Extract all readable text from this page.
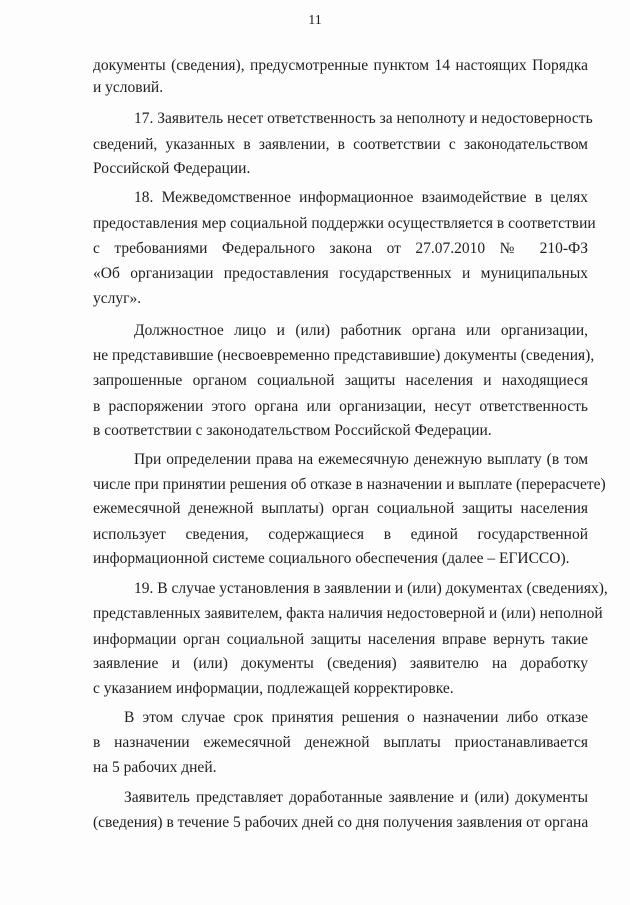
11
документы (сведения), предусмотренные пунктом 14 настоящих Порядка
и условий.
17. Заявитель несет ответственность за неполноту и недостоверность
сведений, указанных в заявлении, в соответствии с законодательством
Российской Федерации.
18. Межведомственное информационное взаимодействие в целях
предоставления мер социальной поддержки осуществляется в соответствии
с требованиями Федерального закона от 27.07.2010 № 210-ФЗ
«Об организации предоставления государственных и муниципальных
услуг».
Должностное лицо и (или) работник органа или организации,
не представившие (несвоевременно представившие) документы (сведения),
запрошенные органом социальной защиты населения и находящиеся
в распоряжении этого органа или организации, несут ответственность
в соответствии с законодательством Российской Федерации.
При определении права на ежемесячную денежную выплату (в том
числе при принятии решения об отказе в назначении и выплате (перерасчете)
ежемесячной денежной выплаты) орган социальной защиты населения
использует сведения, содержащиеся в единой государственной
информационной системе социального обеспечения (далее – ЕГИССО).
19. В случае установления в заявлении и (или) документах (сведениях),
представленных заявителем, факта наличия недостоверной и (или) неполной
информации орган социальной защиты населения вправе вернуть такие
заявление и (или) документы (сведения) заявителю на доработку
с указанием информации, подлежащей корректировке.
В этом случае срок принятия решения о назначении либо отказе
в назначении ежемесячной денежной выплаты приостанавливается
на 5 рабочих дней.
Заявитель представляет доработанные заявление и (или) документы
(сведения) в течение 5 рабочих дней со дня получения заявления от органа
